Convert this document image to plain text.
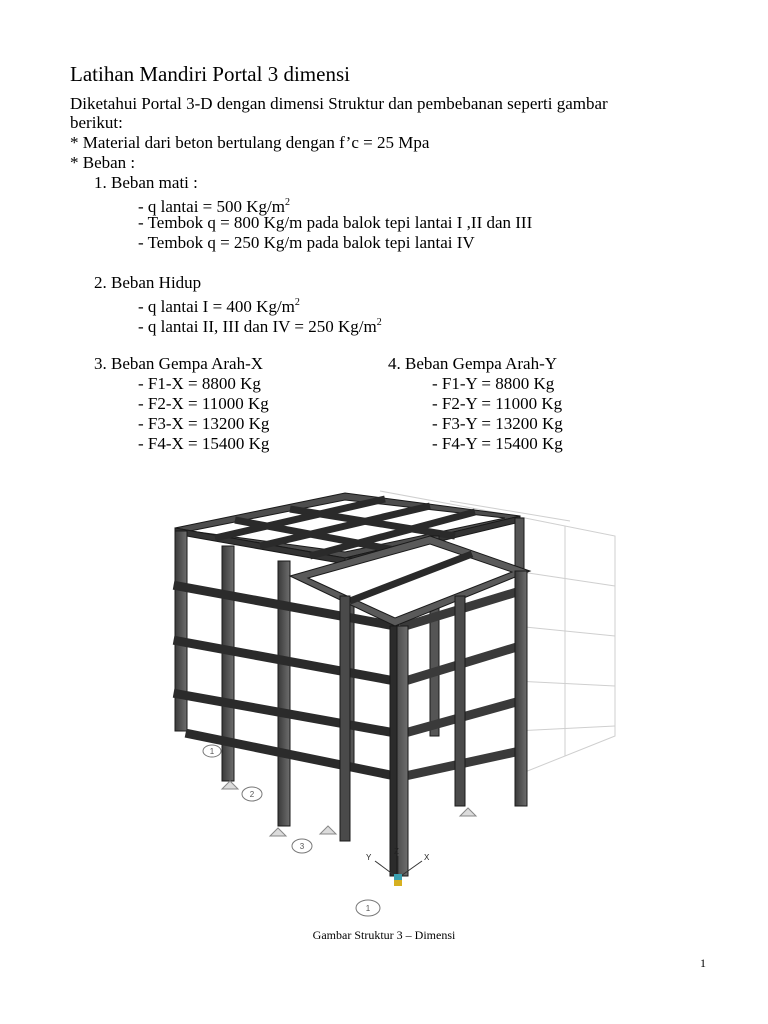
Latihan Mandiri Portal 3 dimensi
Diketahui Portal 3-D dengan dimensi Struktur dan pembebanan seperti gambar
berikut:
* Material dari beton bertulang dengan f’c = 25 Mpa
* Beban :
1. Beban mati :
- q lantai = 500 $Kg/m^2$
- Tembok q = 800 Kg/m pada balok tepi lantai I ,II dan III
- Tembok q = 250 Kg/m pada balok tepi lantai IV
2. Beban Hidup
- q lantai I = 400 $Kg/m^2$
- q lantai II, III dan IV = 250 $Kg/m^2$
3. Beban Gempa Arah-X
- F1-X = 8800 Kg
- F2-X = 11000 Kg
- F3-X = 13200 Kg
- F4-X = 15400 Kg
4. Beban Gempa Arah-Y
- F1-Y = 8800 Kg
- F2-Y = 11000 Kg
- F3-Y = 13200 Kg
- F4-Y = 15400 Kg
1
2
3
1
Y
Z
X
Gambar Struktur 3 – Dimensi
1
